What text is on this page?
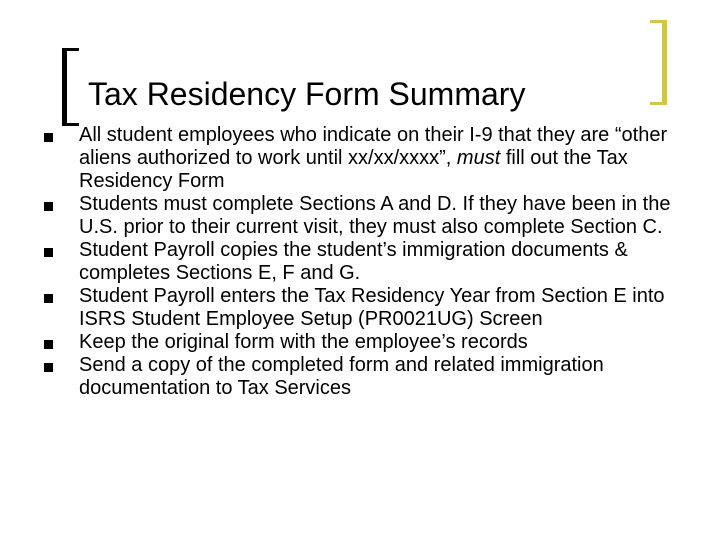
Tax Residency Form Summary
All student employees who indicate on their I-9 that they are “other aliens authorized to work until xx/xx/xxxx”, must fill out the Tax Residency Form
Students must complete Sections A and D. If they have been in the U.S. prior to their current visit, they must also complete Section C.
Student Payroll copies the student’s immigration documents & completes Sections E, F and G.
Student Payroll enters the Tax Residency Year from Section E into ISRS Student Employee Setup (PR0021UG) Screen
Keep the original form with the employee’s records
Send a copy of the completed form and related immigration documentation to Tax Services
